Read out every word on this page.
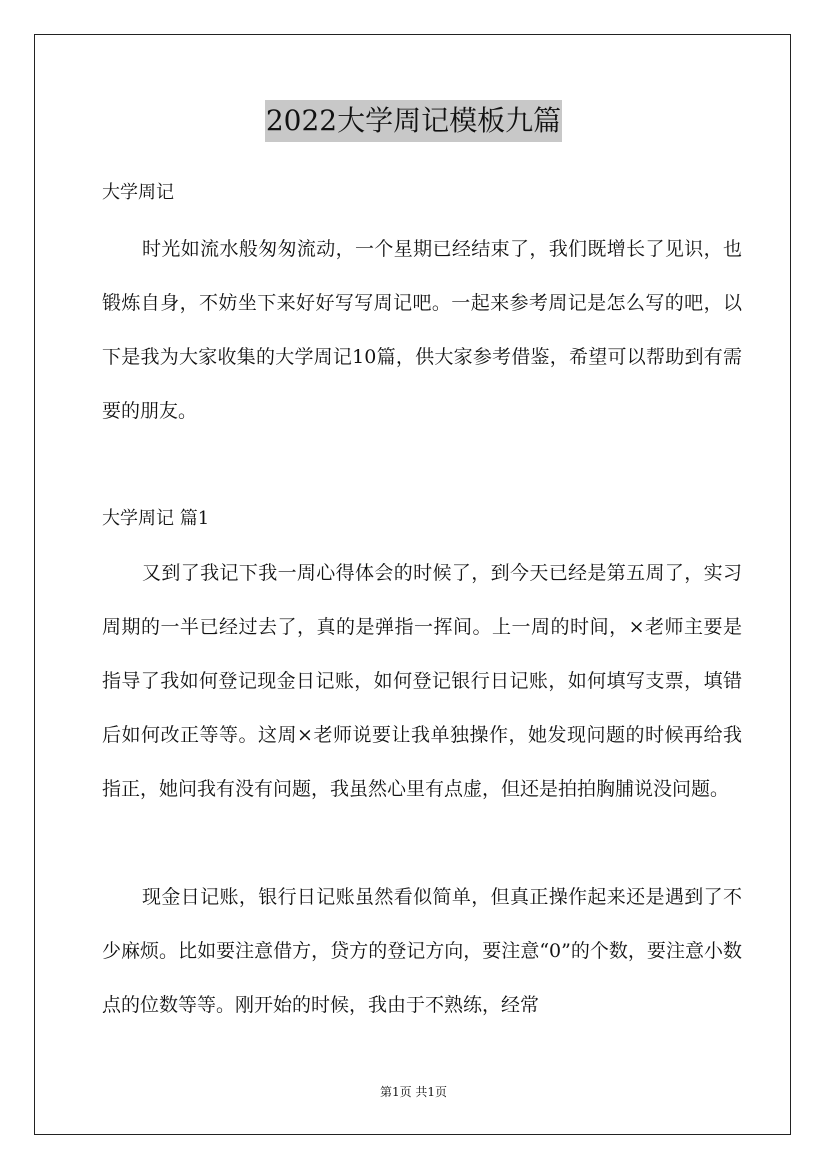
2022大学周记模板九篇
大学周记

时光如流水般匆匆流动，一个星期已经结束了，我们既增长了见识，也锻炼自身，不妨坐下来好好写写周记吧。一起来参考周记是怎么写的吧，以下是我为大家收集的大学周记10篇，供大家参考借鉴，希望可以帮助到有需要的朋友。

大学周记 篇1

又到了我记下我一周心得体会的时候了，到今天已经是第五周了，实习周期的一半已经过去了，真的是弹指一挥间。上一周的时间，×老师主要是指导了我如何登记现金日记账，如何登记银行日记账，如何填写支票，填错后如何改正等等。这周×老师说要让我单独操作，她发现问题的时候再给我指正，她问我有没有问题，我虽然心里有点虚，但还是拍拍胸脯说没问题。

现金日记账，银行日记账虽然看似简单，但真正操作起来还是遇到了不少麻烦。比如要注意借方，贷方的登记方向，要注意“0”的个数，要注意小数点的位数等等。刚开始的时候，我由于不熟练，经常

第1页 共1页
